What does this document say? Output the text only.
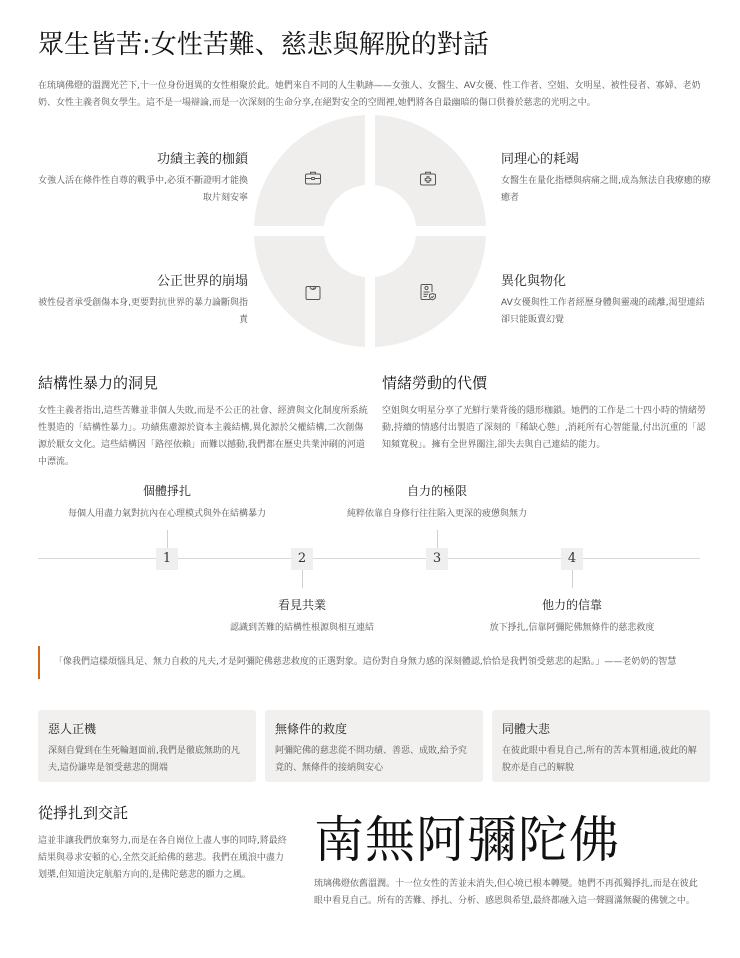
眾生皆苦:女性苦難、慈悲與解脫的對話

在琉璃佛燈的溫潤光芒下,十一位身份迥異的女性相聚於此。她們來自不同的人生軌跡——女強人、女醫生、AV女優、性工作者、空姐、女明星、被性侵者、寡婦、老奶奶、女性主義者與女學生。這不是一場辯論,而是一次深刻的生命分享,在絕對安全的空間裡,她們將各自最幽暗的傷口供養於慈悲的光明之中。

功績主義的枷鎖

女強人活在條件性自尊的戰爭中,必須不斷證明才能換取片刻安寧

同理心的耗竭

女醫生在量化指標與病痛之間,成為無法自我療癒的療癒者

公正世界的崩塌

被性侵者承受創傷本身,更要對抗世界的暴力論斷與指責

異化與物化

AV女優與性工作者經歷身體與靈魂的疏離,渴望連結卻只能販賣幻覺

結構性暴力的洞見

女性主義者指出,這些苦難並非個人失敗,而是不公正的社會、經濟與文化制度所系統性製造的「結構性暴力」。功績焦慮源於資本主義結構,異化源於父權結構,二次創傷源於厭女文化。這些結構因「路徑依賴」而難以撼動,我們都在歷史共業沖刷的河道中漂流。

情緒勞動的代價

空姐與女明星分享了光鮮行業背後的隱形枷鎖。她們的工作是二十四小時的情緒勞動,持續的情感付出製造了深刻的「稀缺心態」,消耗所有心智能量,付出沉重的「認知頻寬稅」。擁有全世界關注,卻失去與自己連結的能力。

個體掙扎
每個人用盡力氣對抗內在心理模式與外在結構暴力
1	2
看見共業
認識到苦難的結構性根源與相互連結
自力的極限
純粹依靠自身修行往往陷入更深的疲憊與無力
3	4
他力的信靠
放下掙扎,信靠阿彌陀佛無條件的慈悲救度
「像我們這樣煩惱具足、無力自救的凡夫,才是阿彌陀佛慈悲救度的正選對象。這份對自身無力感的深刻體認,恰恰是我們領受慈悲的起點。」——老奶奶的智慧
惡人正機

深刻自覺到在生死輪迴面前,我們是徹底無助的凡夫,這份謙卑是領受慈悲的開端

無條件的救度

阿彌陀佛的慈悲從不問功績、善惡、成敗,給予究竟的、無條件的接納與安心

同體大悲

在彼此眼中看見自己,所有的苦本質相通,彼此的解脫亦是自己的解脫

從掙扎到交託

這並非讓我們放棄努力,而是在各自崗位上盡人事的同時,將最終結果與尋求安頓的心,全然交託給佛的慈悲。我們在風浪中盡力划槳,但知道決定航船方向的,是佛陀慈悲的願力之風。

南無阿彌陀佛

琉璃佛燈依舊溫潤。十一位女性的苦並未消失,但心境已根本轉變。她們不再孤獨掙扎,而是在彼此眼中看見自己。所有的苦難、掙扎、分析、感恩與希望,最終都融入這一聲圓滿無礙的佛號之中。
